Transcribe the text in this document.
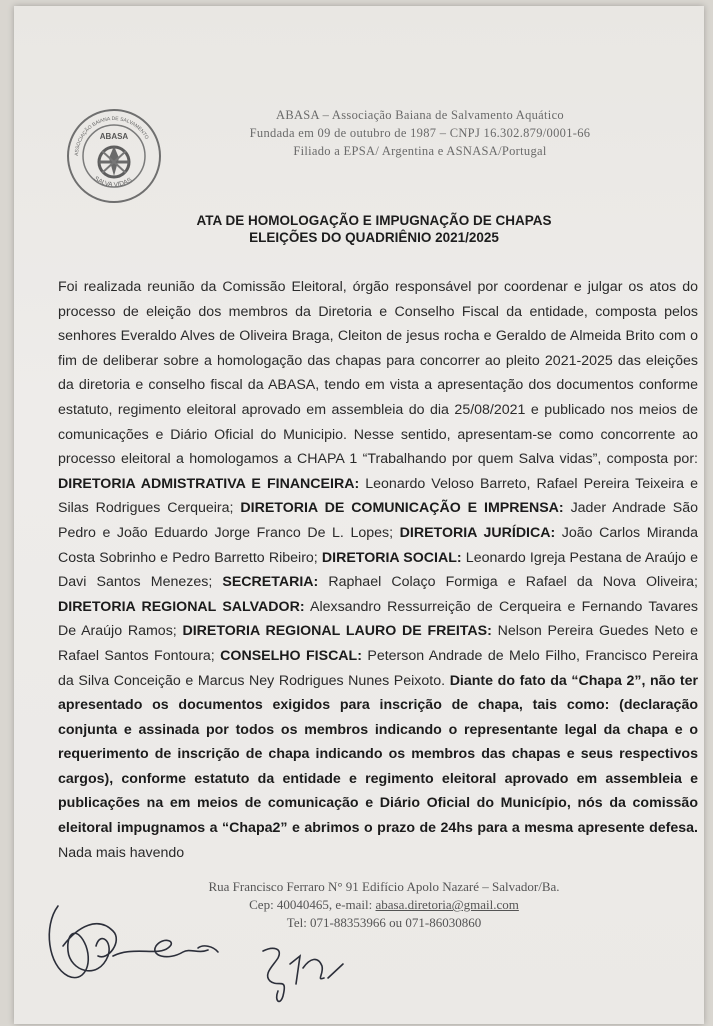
ABASA
ASSOCIAÇÃO BAIANA DE SALVAMENTO
SALVA VIDAS
ABASA – Associação Baiana de Salvamento Aquático
Fundada em 09 de outubro de 1987 – CNPJ 16.302.879/0001-66
Filiado a EPSA/ Argentina e ASNASA/Portugal
ATA DE HOMOLOGAÇÃO E IMPUGNAÇÃO DE CHAPAS
ELEIÇÕES DO QUADRIÊNIO 2021/2025
Foi realizada reunião da Comissão Eleitoral, órgão responsável por coordenar e julgar os atos do processo de eleição dos membros da Diretoria e Conselho Fiscal da entidade, composta pelos senhores Everaldo Alves de Oliveira Braga, Cleiton de jesus rocha e Geraldo de Almeida Brito com o fim de deliberar sobre a homologação das chapas para concorrer ao pleito 2021-2025 das eleições da diretoria e conselho fiscal da ABASA, tendo em vista a apresentação dos documentos conforme estatuto, regimento eleitoral aprovado em assembleia do dia 25/08/2021 e publicado nos meios de comunicações e Diário Oficial do Municipio. Nesse sentido, apresentam-se como concorrente ao processo eleitoral a homologamos a CHAPA 1 “Trabalhando por quem Salva vidas”, composta por: DIRETORIA ADMISTRATIVA E FINANCEIRA: Leonardo Veloso Barreto, Rafael Pereira Teixeira e Silas Rodrigues Cerqueira; DIRETORIA DE COMUNICAÇÃO E IMPRENSA: Jader Andrade São Pedro e João Eduardo Jorge Franco De L. Lopes; DIRETORIA JURÍDICA: João Carlos Miranda Costa Sobrinho e Pedro Barretto Ribeiro; DIRETORIA SOCIAL: Leonardo Igreja Pestana de Araújo e Davi Santos Menezes; SECRETARIA: Raphael Colaço Formiga e Rafael da Nova Oliveira; DIRETORIA REGIONAL SALVADOR: Alexsandro Ressurreição de Cerqueira e Fernando Tavares De Araújo Ramos; DIRETORIA REGIONAL LAURO DE FREITAS: Nelson Pereira Guedes Neto e Rafael Santos Fontoura; CONSELHO FISCAL: Peterson Andrade de Melo Filho, Francisco Pereira da Silva Conceição e Marcus Ney Rodrigues Nunes Peixoto. Diante do fato da “Chapa 2”, não ter apresentado os documentos exigidos para inscrição de chapa, tais como: (declaração conjunta e assinada por todos os membros indicando o representante legal da chapa e o requerimento de inscrição de chapa indicando os membros das chapas e seus respectivos cargos), conforme estatuto da entidade e regimento eleitoral aprovado em assembleia e publicações na em meios de comunicação e Diário Oficial do Município, nós da comissão eleitoral impugnamos a “Chapa2” e abrimos o prazo de 24hs para a mesma apresente defesa. Nada mais havendo
Rua Francisco Ferraro N° 91 Edifício Apolo Nazaré – Salvador/Ba.
Cep: 40040465, e-mail: abasa.diretoria@gmail.com
Tel: 071-88353966 ou 071-86030860
